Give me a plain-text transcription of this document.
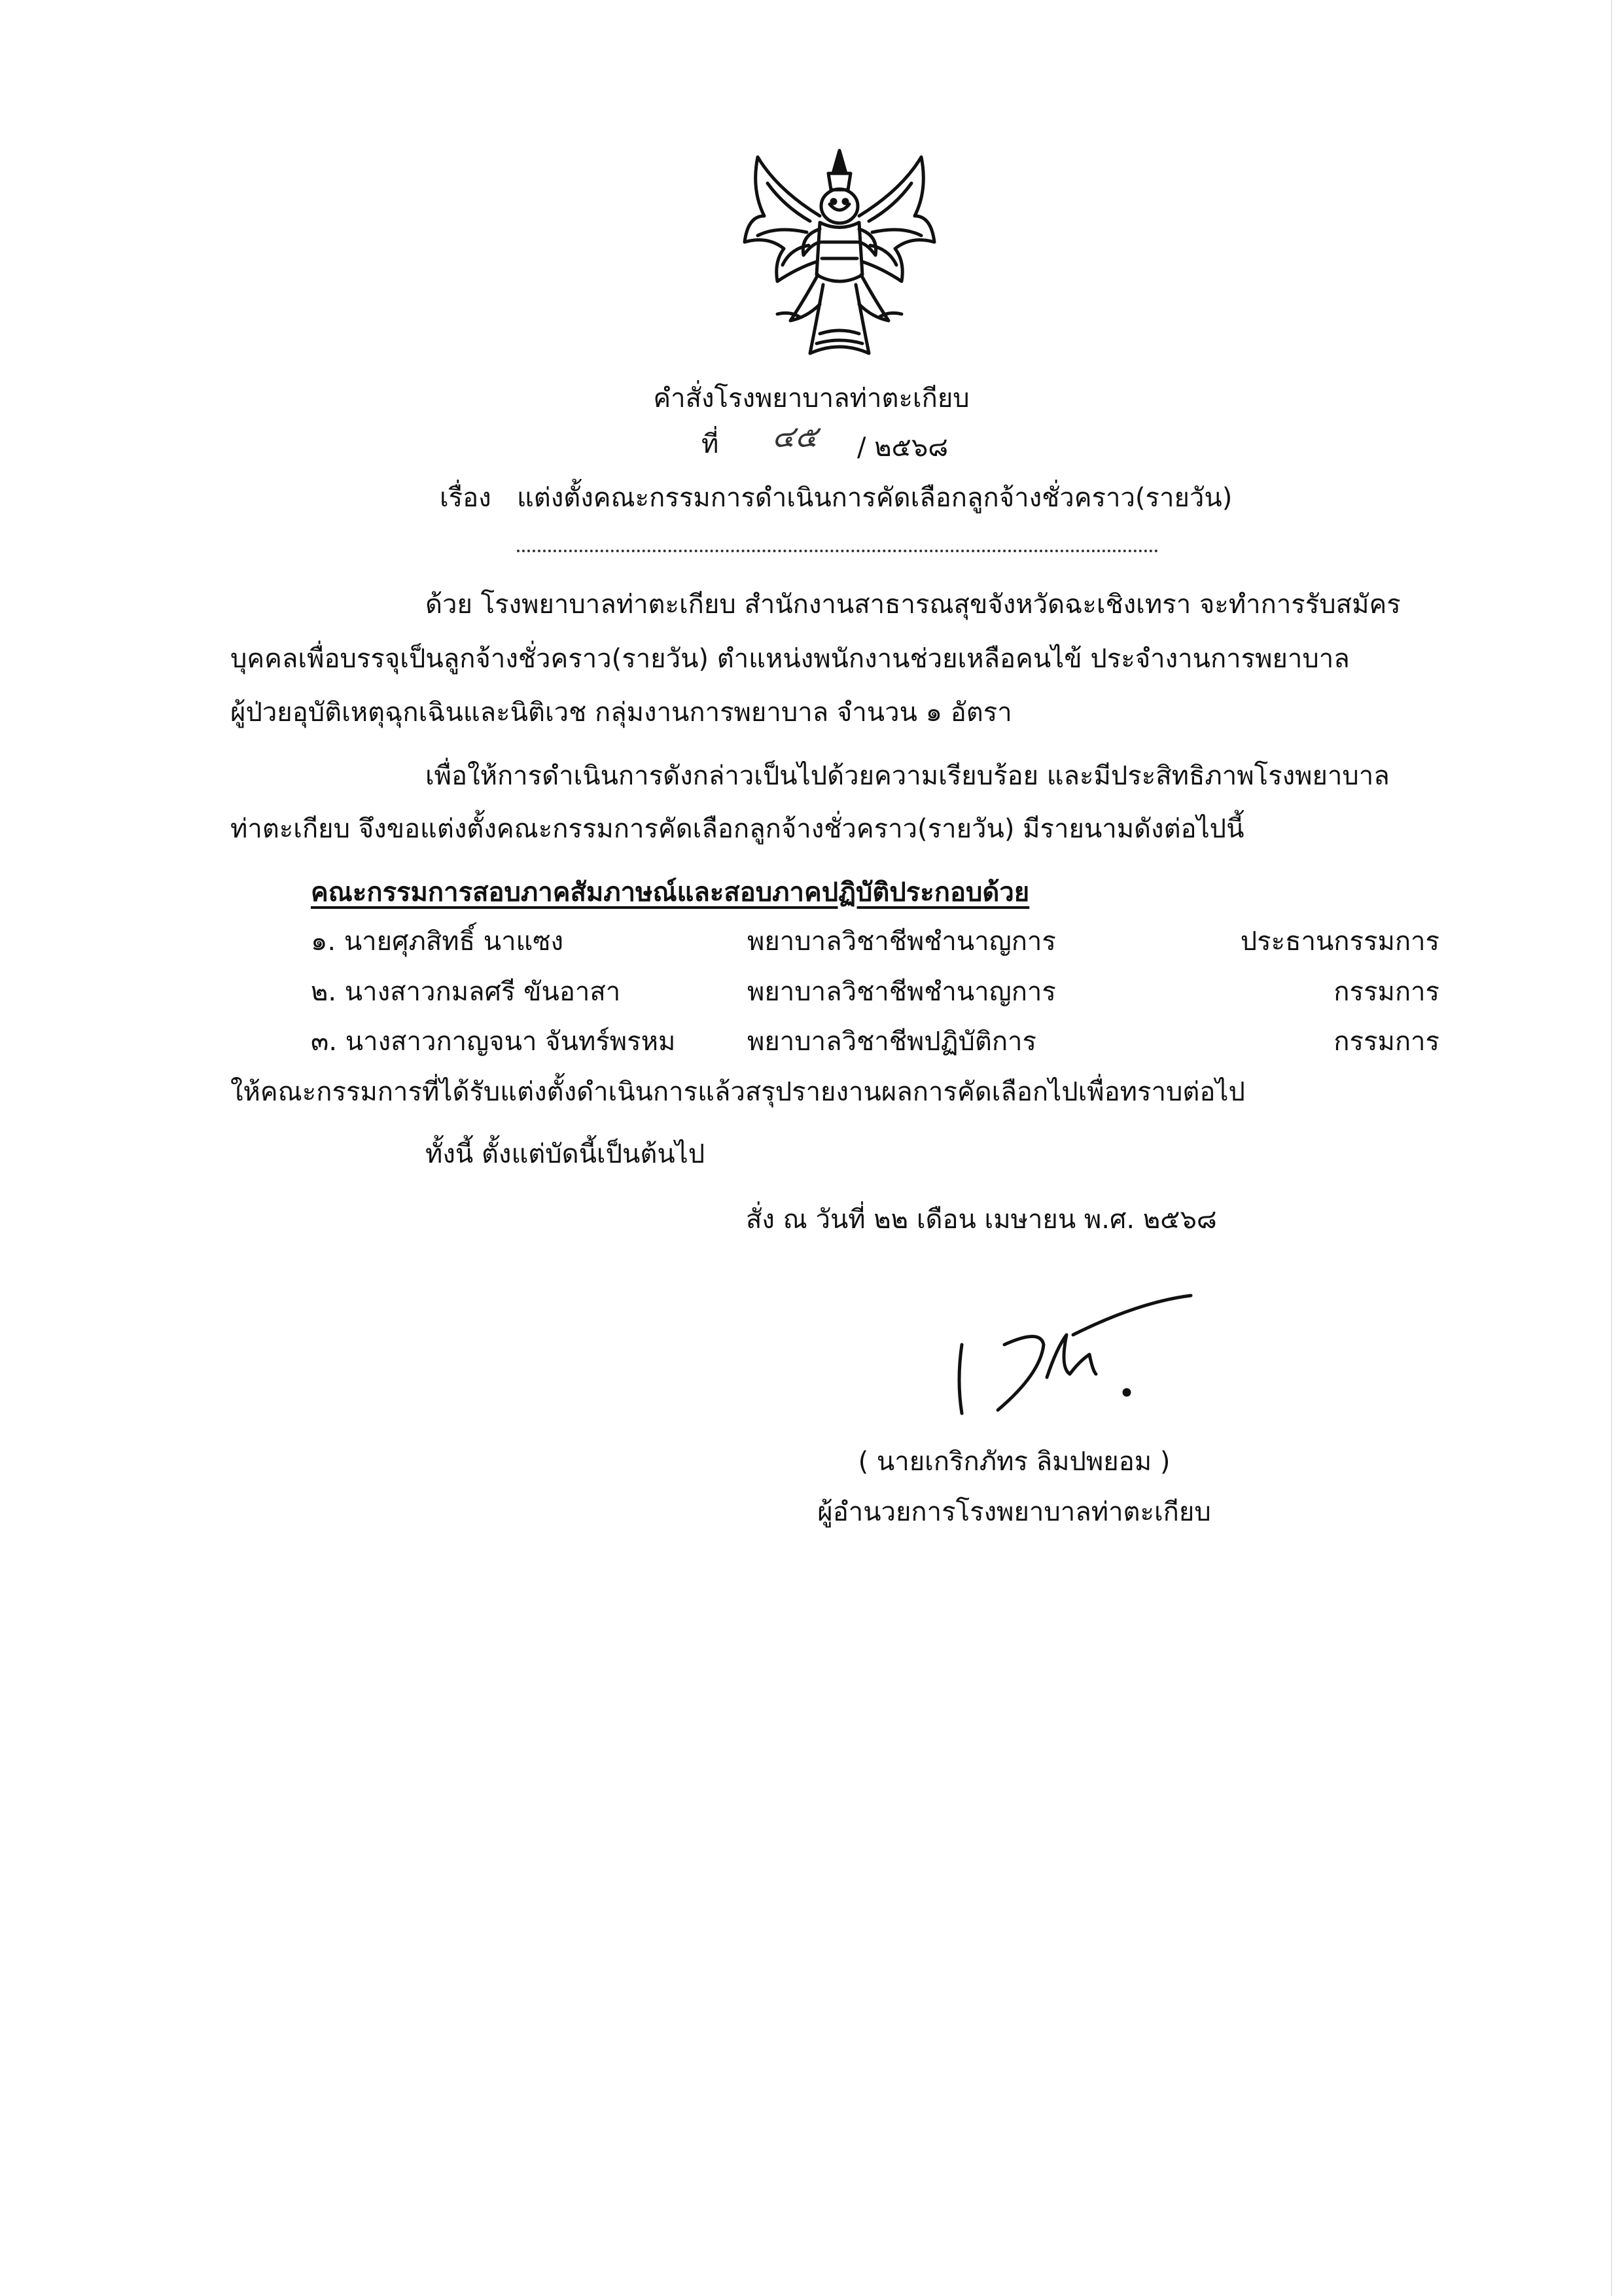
คำสั่งโรงพยาบาลท่าตะเกียบ
ที่ ๔๕ / ๒๕๖๘
เรื่อง แต่งตั้งคณะกรรมการดำเนินการคัดเลือกลูกจ้างชั่วคราว(รายวัน)
ด้วย โรงพยาบาลท่าตะเกียบ สำนักงานสาธารณสุขจังหวัดฉะเชิงเทรา จะทำการรับสมัคร
บุคคลเพื่อบรรจุเป็นลูกจ้างชั่วคราว(รายวัน) ตำแหน่งพนักงานช่วยเหลือคนไข้ ประจำงานการพยาบาล
ผู้ป่วยอุบัติเหตุฉุกเฉินและนิติเวช กลุ่มงานการพยาบาล จำนวน ๑ อัตรา
เพื่อให้การดำเนินการดังกล่าวเป็นไปด้วยความเรียบร้อย และมีประสิทธิภาพโรงพยาบาล
ท่าตะเกียบ จึงขอแต่งตั้งคณะกรรมการคัดเลือกลูกจ้างชั่วคราว(รายวัน) มีรายนามดังต่อไปนี้
คณะกรรมการสอบภาคสัมภาษณ์และสอบภาคปฏิบัติประกอบด้วย
๑. นายศุภสิทธิ์ นาแซง	พยาบาลวิชาชีพชำนาญการ	ประธานกรรมการ
๒. นางสาวกมลศรี ขันอาสา	พยาบาลวิชาชีพชำนาญการ	กรรมการ
๓. นางสาวกาญจนา จันทร์พรหม	พยาบาลวิชาชีพปฏิบัติการ	กรรมการ
ให้คณะกรรมการที่ได้รับแต่งตั้งดำเนินการแล้วสรุปรายงานผลการคัดเลือกไปเพื่อทราบต่อไป
ทั้งนี้ ตั้งแต่บัดนี้เป็นต้นไป
สั่ง ณ วันที่ ๒๒ เดือน เมษายน พ.ศ. ๒๕๖๘
( นายเกริกภัทร ลิมปพยอม )
ผู้อำนวยการโรงพยาบาลท่าตะเกียบ
